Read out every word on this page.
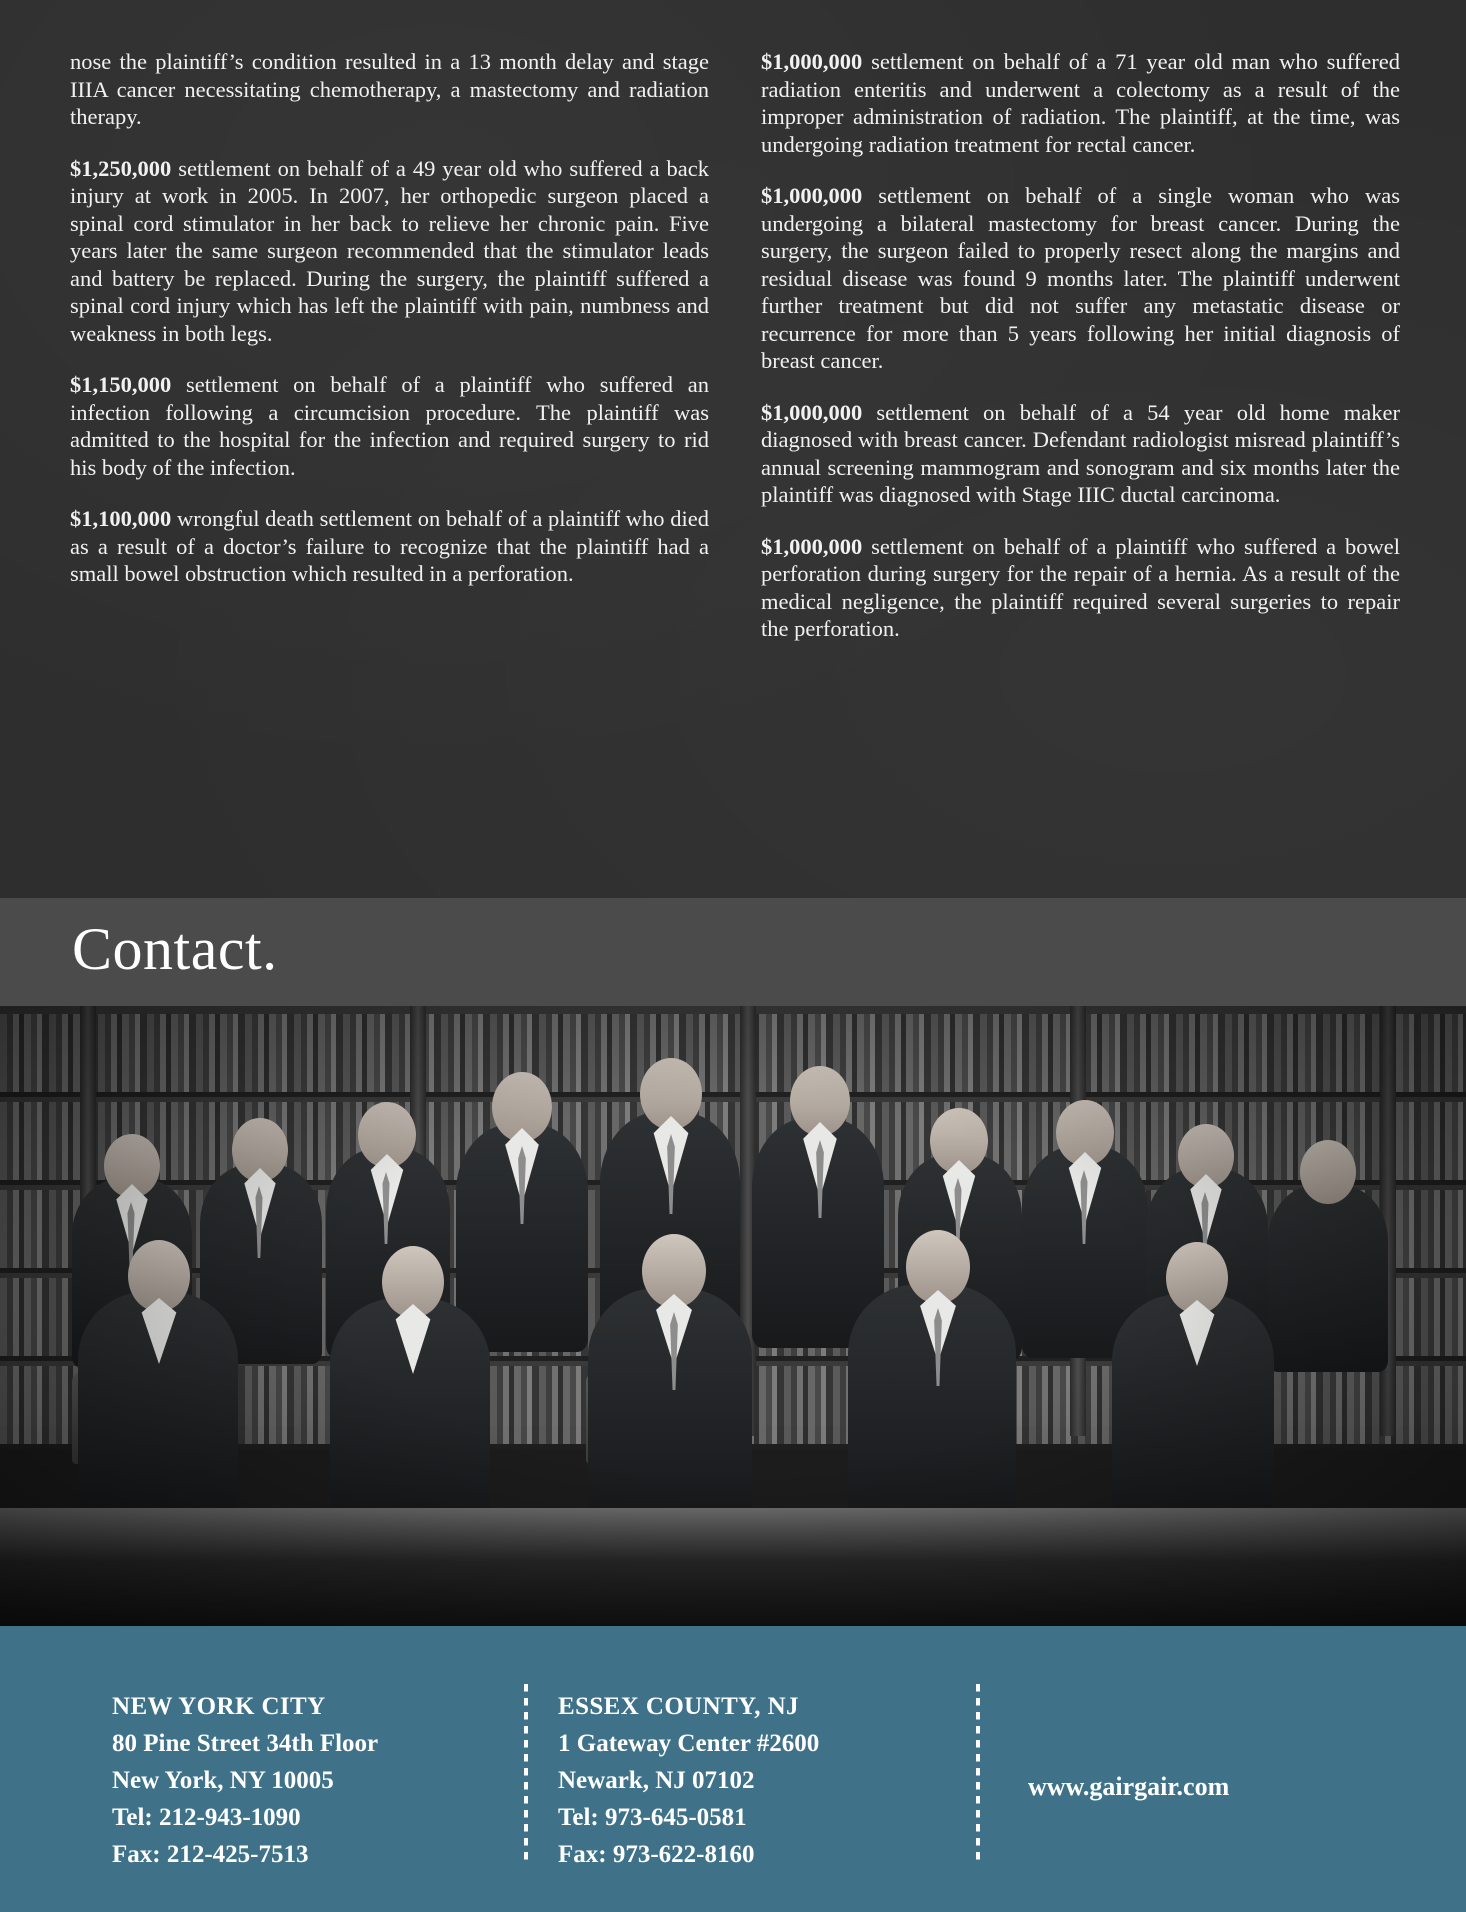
nose the plaintiff’s condition resulted in a 13 month delay and stage IIIA cancer necessitating chemotherapy, a mastectomy and radiation therapy.

$1,250,000 settlement on behalf of a 49 year old who suffered a back injury at work in 2005. In 2007, her orthopedic surgeon placed a spinal cord stimulator in her back to relieve her chronic pain. Five years later the same surgeon recommended that the stimulator leads and battery be replaced. During the surgery, the plaintiff suffered a spinal cord injury which has left the plaintiff with pain, numbness and weakness in both legs.

$1,150,000 settlement on behalf of a plaintiff who suffered an infection following a circumcision procedure. The plaintiff was admitted to the hospital for the infection and required surgery to rid his body of the infection.

$1,100,000 wrongful death settlement on behalf of a plaintiff who died as a result of a doctor’s failure to recognize that the plaintiff had a small bowel obstruction which resulted in a perforation.

$1,000,000 settlement on behalf of a 71 year old man who suffered radiation enteritis and underwent a colectomy as a result of the improper administration of radiation. The plaintiff, at the time, was undergoing radiation treatment for rectal cancer.

$1,000,000 settlement on behalf of a single woman who was undergoing a bilateral mastectomy for breast cancer. During the surgery, the surgeon failed to properly resect along the margins and residual disease was found 9 months later. The plaintiff underwent further treatment but did not suffer any metastatic disease or recurrence for more than 5 years following her initial diagnosis of breast cancer.

$1,000,000 settlement on behalf of a 54 year old home maker diagnosed with breast cancer. Defendant radiologist misread plaintiff’s annual screening mammogram and sonogram and six months later the plaintiff was diagnosed with Stage IIIC ductal carcinoma.

$1,000,000 settlement on behalf of a plaintiff who suffered a bowel perforation during surgery for the repair of a hernia. As a result of the medical negligence, the plaintiff required several surgeries to repair the perforation.

Contact.
NEW YORK CITY
80 Pine Street 34th Floor
New York, NY 10005
Tel: 212-943-1090
Fax: 212-425-7513
ESSEX COUNTY, NJ
1 Gateway Center #2600
Newark, NJ 07102
Tel: 973-645-0581
Fax: 973-622-8160
www.gairgair.com
